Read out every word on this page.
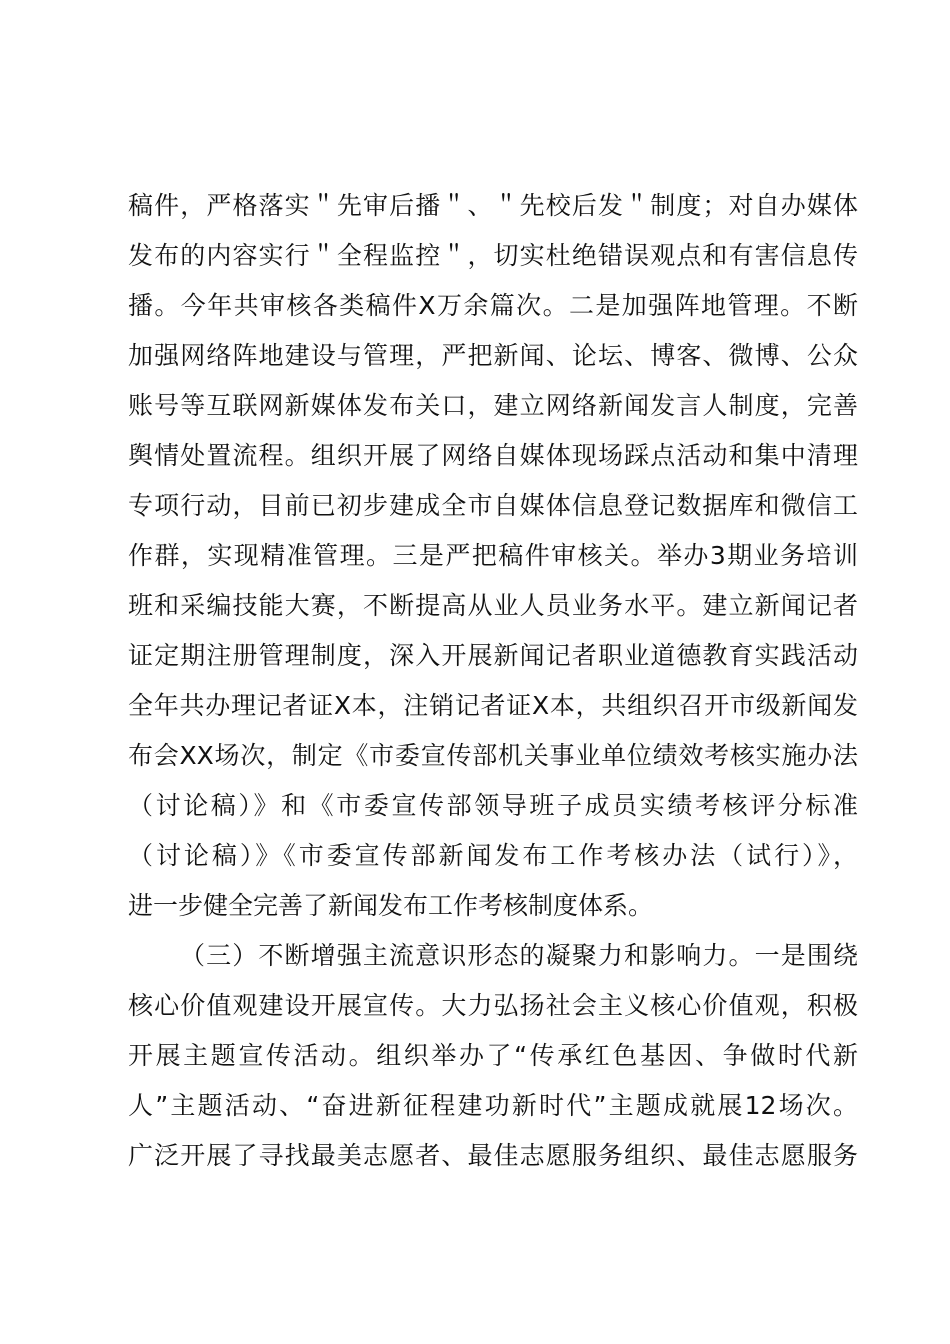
稿件，严格落实＂先审后播＂、＂先校后发＂制度；对自办媒体
发布的内容实行＂全程监控＂，切实杜绝错误观点和有害信息传
播。今年共审核各类稿件X万余篇次。二是加强阵地管理。不断
加强网络阵地建设与管理，严把新闻、论坛、博客、微博、公众
账号等互联网新媒体发布关口，建立网络新闻发言人制度，完善
舆情处置流程。组织开展了网络自媒体现场踩点活动和集中清理
专项行动，目前已初步建成全市自媒体信息登记数据库和微信工
作群，实现精准管理。三是严把稿件审核关。举办3期业务培训
班和采编技能大赛，不断提高从业人员业务水平。建立新闻记者
证定期注册管理制度，深入开展新闻记者职业道德教育实践活动
全年共办理记者证X本，注销记者证X本，共组织召开市级新闻发
布会XX场次，制定《市委宣传部机关事业单位绩效考核实施办法
（讨论稿）》和《市委宣传部领导班子成员实绩考核评分标准
（讨论稿）》《市委宣传部新闻发布工作考核办法（试行）》，
进一步健全完善了新闻发布工作考核制度体系。
（三）不断增强主流意识形态的凝聚力和影响力。一是围绕
核心价值观建设开展宣传。大力弘扬社会主义核心价值观，积极
开展主题宣传活动。组织举办了“传承红色基因、争做时代新
人”主题活动、“奋进新征程建功新时代”主题成就展12场次。
广泛开展了寻找最美志愿者、最佳志愿服务组织、最佳志愿服务
